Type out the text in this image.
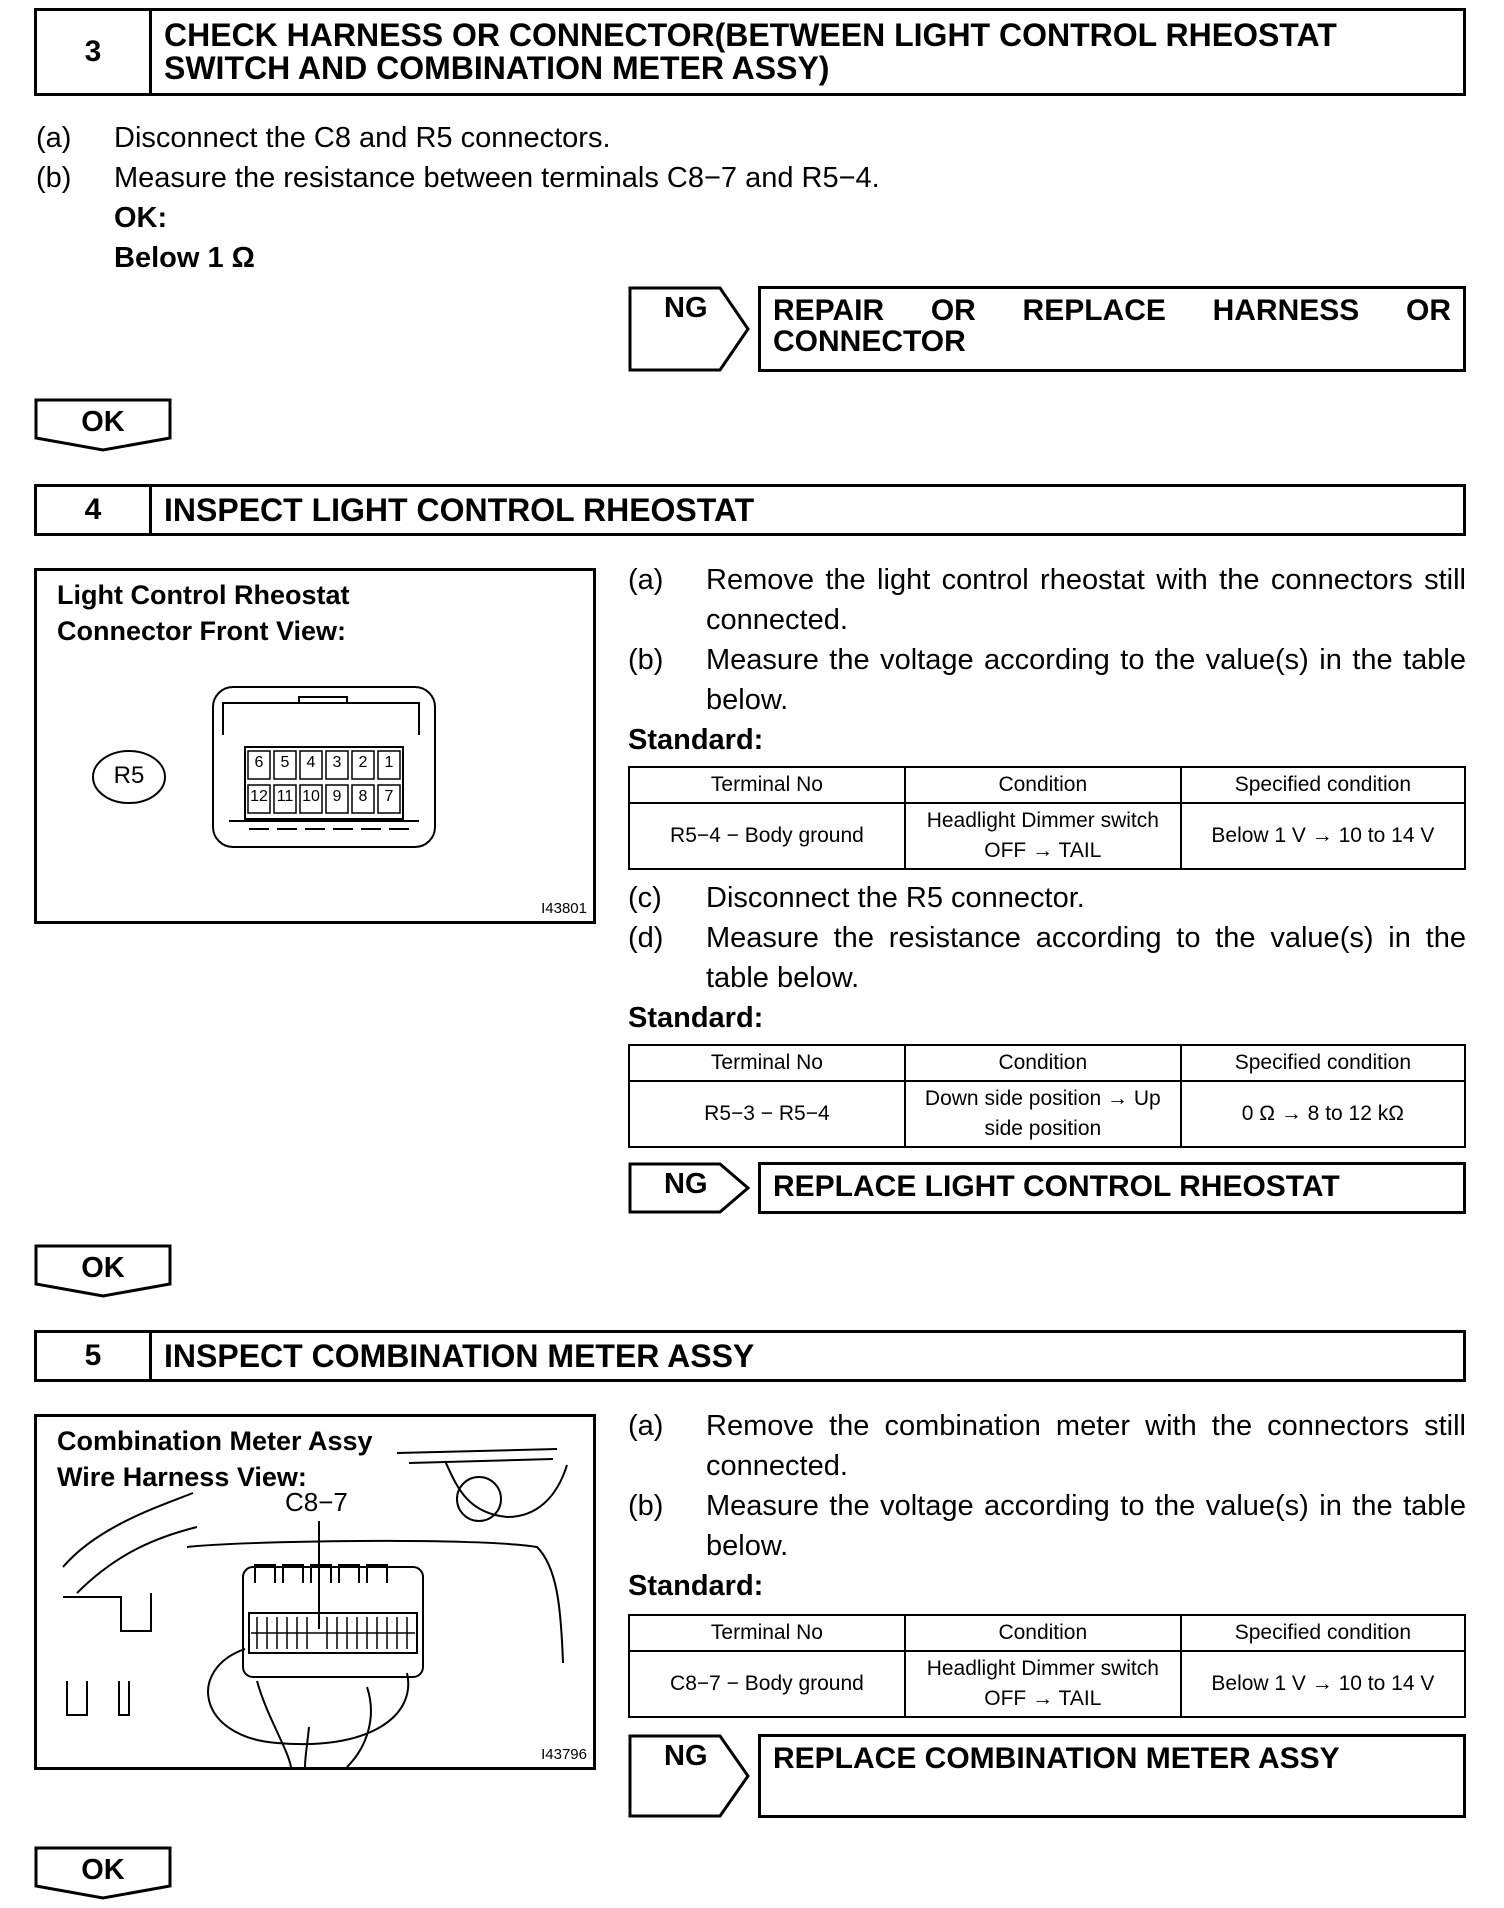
3	CHECK HARNESS OR CONNECTOR(BETWEEN LIGHT CONTROL RHEOSTAT SWITCH AND COMBINATION METER ASSY)
(a) Disconnect the C8 and R5 connectors.
(b) Measure the resistance between terminals C8−7 and R5−4.
OK:
Below 1 Ω
NG REPAIR OR REPLACE HARNESS OR CONNECTOR
OK
4	INSPECT LIGHT CONTROL RHEOSTAT
Light Control Rheostat Connector Front View:
R5	6	5	4	3	2	1
12 11 10 9	8	7
I43801
(a) Remove the light control rheostat with the connectors still connected.
(b) Measure the voltage according to the value(s) in the table below.
Standard:
Terminal No	Condition	Specified condition
R5−4 − Body ground	Headlight Dimmer switch OFF → TAIL	Below 1 V → 10 to 14 V
(c) Disconnect the R5 connector.
(d) Measure the resistance according to the value(s) in the table below.
Standard:
Terminal No	Condition	Specified condition
R5−3 − R5−4	Down side position → Up side position	0 Ω → 8 to 12 kΩ
NG REPLACE LIGHT CONTROL RHEOSTAT
OK
5	INSPECT COMBINATION METER ASSY
Combination Meter Assy Wire Harness View:
C8−7
I43796
(a) Remove the combination meter with the connectors still connected.
(b) Measure the voltage according to the value(s) in the table below.
Standard:
Terminal No	Condition	Specified condition
C8−7 − Body ground	Headlight Dimmer switch OFF → TAIL	Below 1 V → 10 to 14 V
NG REPLACE COMBINATION METER ASSY
OK
